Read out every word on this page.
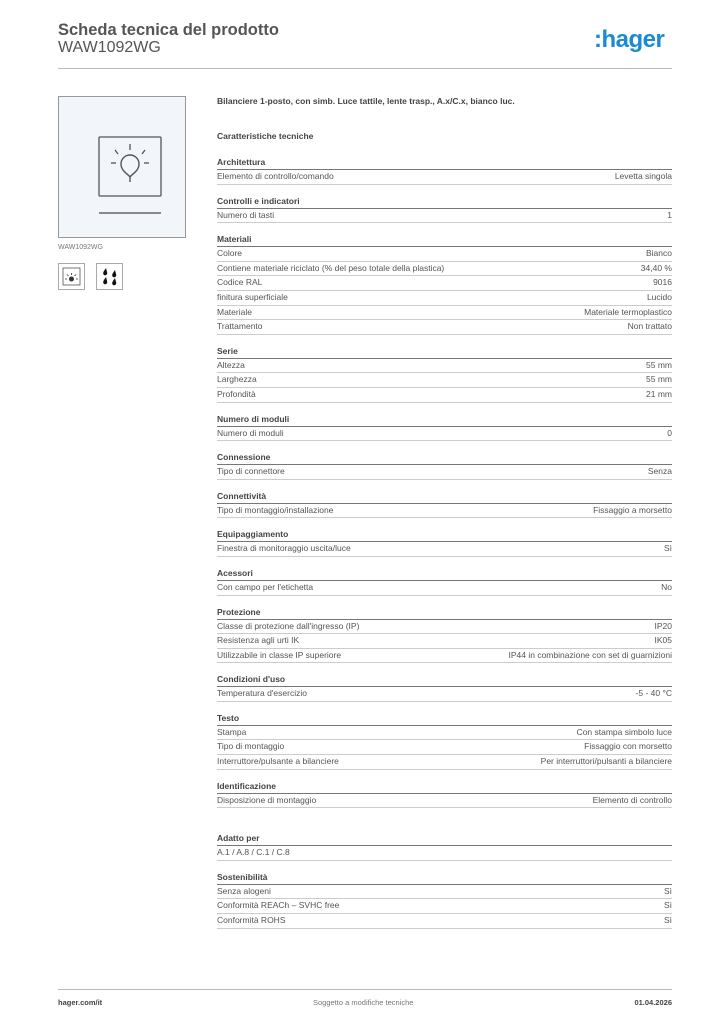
Scheda tecnica del prodotto
WAW1092WG	:hager
WAW1092WG
Bilanciere 1-posto, con simb. Luce tattile, lente trasp., A.x/C.x, bianco luc.
Caratteristiche tecniche
Architettura
Elemento di controllo/comando	Levetta singola
Controlli e indicatori
Numero di tasti	1
Materiali
Colore	Bianco
Contiene materiale riciclato (% del peso totale della plastica)	34,40 %
Codice RAL	9016
finitura superficiale	Lucido
Materiale	Materiale termoplastico
Trattamento	Non trattato
Serie
Altezza	55 mm
Larghezza	55 mm
Profondità	21 mm
Numero di moduli
Numero di moduli	0
Connessione
Tipo di connettore	Senza
Connettività
Tipo di montaggio/installazione	Fissaggio a morsetto
Equipaggiamento
Finestra di monitoraggio uscita/luce	Sì
Acessori
Con campo per l'etichetta	No
Protezione
Classe di protezione dall'ingresso (IP)	IP20
Resistenza agli urti IK	IK05
Utilizzabile in classe IP superiore	IP44 in combinazione con set di guarnizioni
Condizioni d'uso
Temperatura d'esercizio	-5 - 40 °C
Testo
Stampa	Con stampa simbolo luce
Tipo di montaggio	Fissaggio con morsetto
Interruttore/pulsante a bilanciere	Per interruttori/pulsanti a bilanciere
Identificazione
Disposizione di montaggio	Elemento di controllo
Adatto per
A.1 / A.8 / C.1 / C.8
Sostenibilità
Senza alogeni	Sì
Conformità REACh – SVHC free	Sì
Conformità ROHS	Sì
hager.com/it	Soggetto a modifiche tecniche	01.04.2026
